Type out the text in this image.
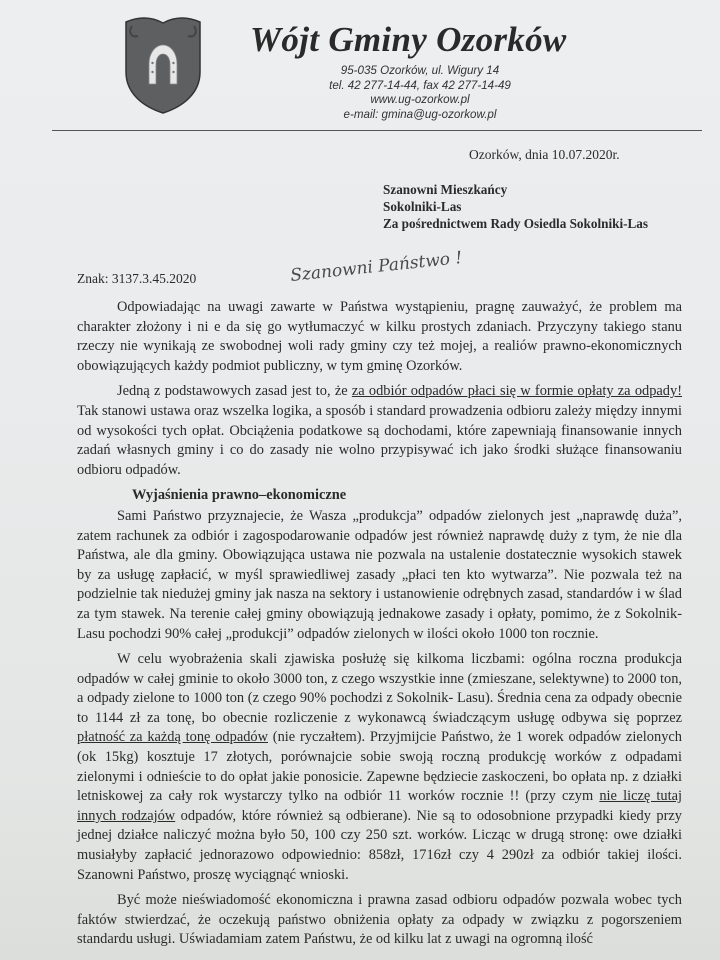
Wójt Gminy Ozorków
95-035 Ozorków, ul. Wigury 14
tel. 42 277-14-44, fax 42 277-14-49
www.ug-ozorkow.pl
e-mail: gmina@ug-ozorkow.pl
Ozorków, dnia 10.07.2020r.
Szanowni Mieszkańcy
Sokolniki-Las
Za pośrednictwem Rady Osiedla Sokolniki-Las
Znak: 3137.3.45.2020	Szanowni Państwo !

Odpowiadając na uwagi zawarte w Państwa wystąpieniu, pragnę zauważyć, że problem ma charakter złożony i ni e da się go wytłumaczyć w kilku prostych zdaniach. Przyczyny takiego stanu rzeczy nie wynikają ze swobodnej woli rady gminy czy też mojej, a realiów prawno-ekonomicznych obowiązujących każdy podmiot publiczny, w tym gminę Ozorków.

Jedną z podstawowych zasad jest to, że za odbiór odpadów płaci się w formie opłaty za odpady! Tak stanowi ustawa oraz wszelka logika, a sposób i standard prowadzenia odbioru zależy między innymi od wysokości tych opłat. Obciążenia podatkowe są dochodami, które zapewniają finansowanie innych zadań własnych gminy i co do zasady nie wolno przypisywać ich jako środki służące finansowaniu odbioru odpadów.

Wyjaśnienia prawno–ekonomiczne

Sami Państwo przyznajecie, że Wasza „produkcja” odpadów zielonych jest „naprawdę duża”, zatem rachunek za odbiór i zagospodarowanie odpadów jest również naprawdę duży z tym, że nie dla Państwa, ale dla gminy. Obowiązująca ustawa nie pozwala na ustalenie dostatecznie wysokich stawek by za usługę zapłacić, w myśl sprawiedliwej zasady „płaci ten kto wytwarza”. Nie pozwala też na podzielnie tak niedużej gminy jak nasza na sektory i ustanowienie odrębnych zasad, standardów i w ślad za tym stawek. Na terenie całej gminy obowiązują jednakowe zasady i opłaty, pomimo, że z Sokolnik-Lasu pochodzi 90% całej „produkcji” odpadów zielonych w ilości około 1000 ton rocznie.

W celu wyobrażenia skali zjawiska posłużę się kilkoma liczbami: ogólna roczna produkcja odpadów w całej gminie to około 3000 ton, z czego wszystkie inne (zmieszane, selektywne) to 2000 ton, a odpady zielone to 1000 ton (z czego 90% pochodzi z Sokolnik- Lasu). Średnia cena za odpady obecnie to 1144 zł za tonę, bo obecnie rozliczenie z wykonawcą świadczącym usługę odbywa się poprzez płatność za każdą tonę odpadów (nie ryczałtem). Przyjmijcie Państwo, że 1 worek odpadów zielonych (ok 15kg) kosztuje 17 złotych, porównajcie sobie swoją roczną produkcję worków z odpadami zielonymi i odnieście to do opłat jakie ponosicie. Zapewne będziecie zaskoczeni, bo opłata np. z działki letniskowej za cały rok wystarczy tylko na odbiór 11 worków rocznie !! (przy czym nie liczę tutaj innych rodzajów odpadów, które również są odbierane). Nie są to odosobnione przypadki kiedy przy jednej działce naliczyć można było 50, 100 czy 250 szt. worków. Licząc w drugą stronę: owe działki musiałyby zapłacić jednorazowo odpowiednio: 858zł, 1716zł czy 4 290zł za odbiór takiej ilości. Szanowni Państwo, proszę wyciągnąć wnioski.

Być może nieświadomość ekonomiczna i prawna zasad odbioru odpadów pozwala wobec tych faktów stwierdzać, że oczekują państwo obniżenia opłaty za odpady w związku z pogorszeniem standardu usługi. Uświadamiam zatem Państwu, że od kilku lat z uwagi na ogromną ilość
